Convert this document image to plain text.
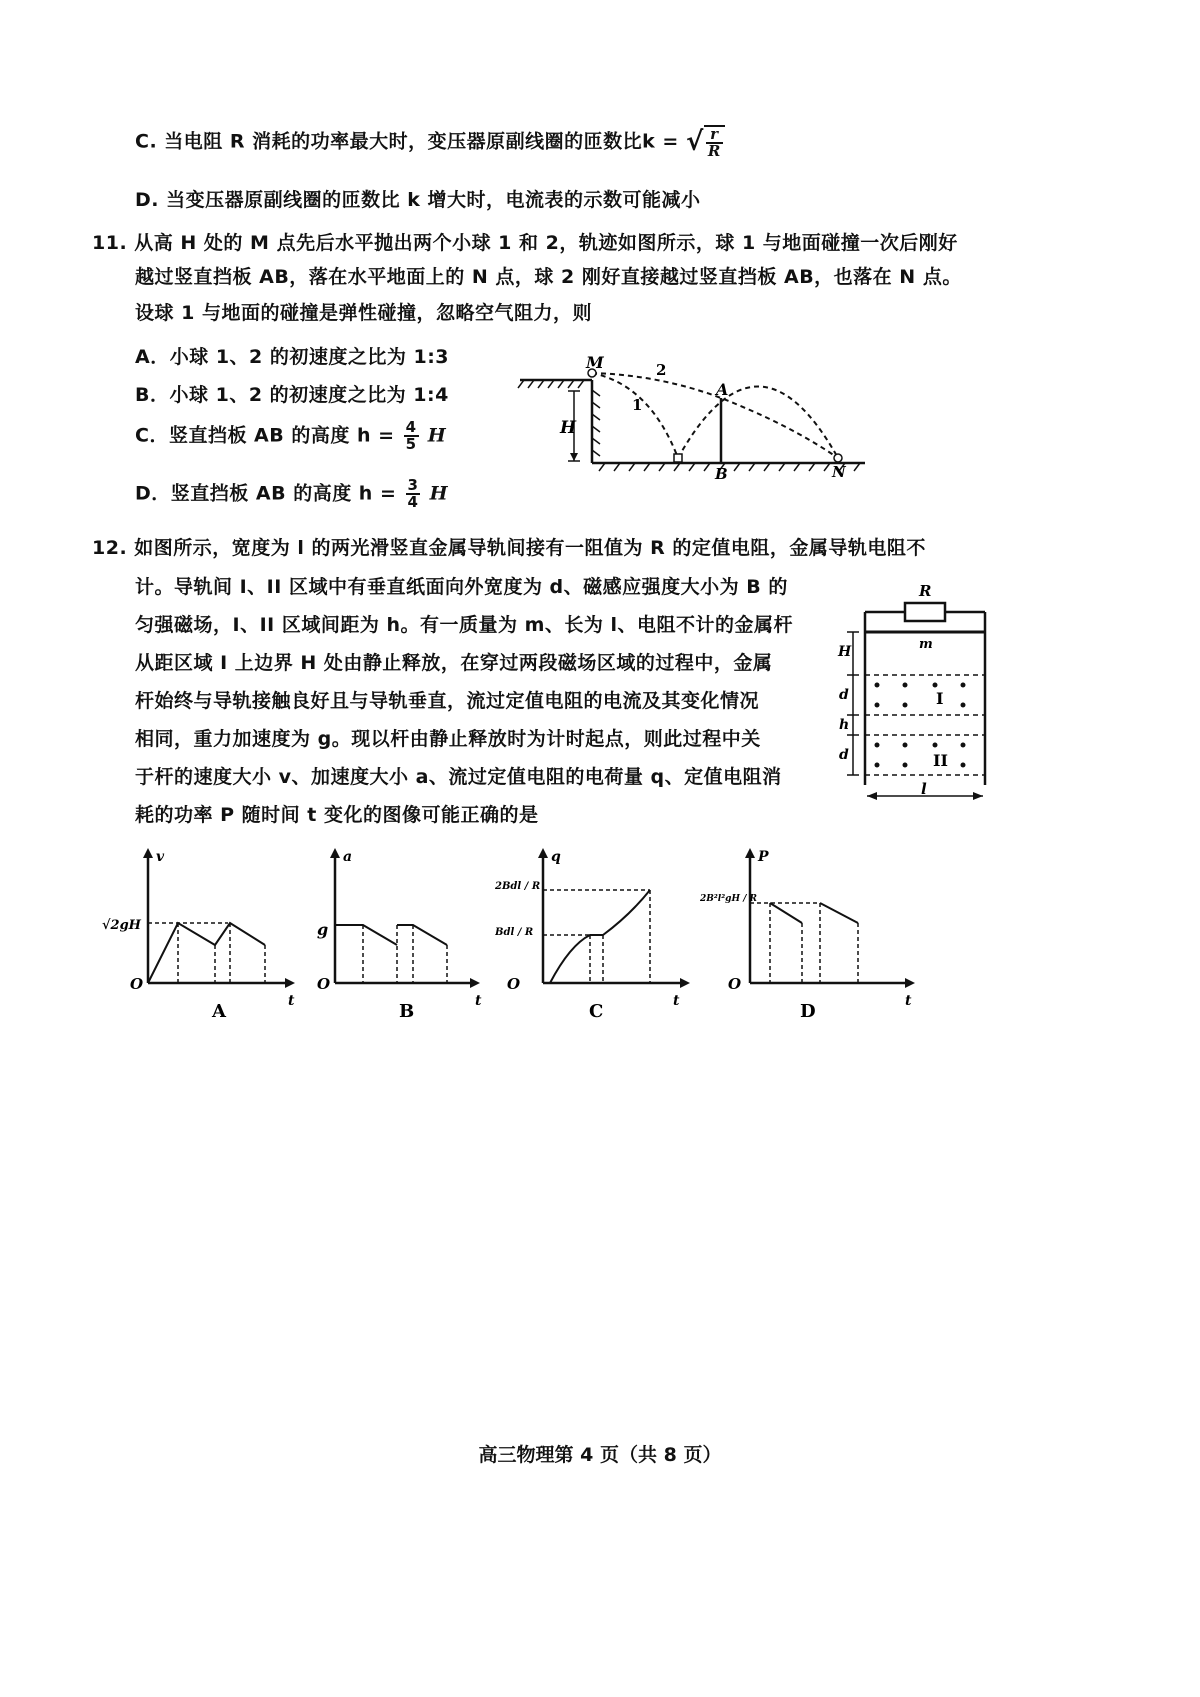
C. 当电阻 R 消耗的功率最大时，变压器原副线圈的匝数比k = √ $\frac{r}{R}$
D. 当变压器原副线圈的匝数比 k 增大时，电流表的示数可能减小
11. 从高 H 处的 M 点先后水平抛出两个小球 1 和 2，轨迹如图所示，球 1 与地面碰撞一次后刚好
越过竖直挡板 AB，落在水平地面上的 N 点，球 2 刚好直接越过竖直挡板 AB，也落在 N 点。
设球 1 与地面的碰撞是弹性碰撞，忽略空气阻力，则
A．小球 1、2 的初速度之比为 1:3
B．小球 1、2 的初速度之比为 1:4
C．竖直挡板 AB 的高度 $h = \frac{4}{5}$ H
D．竖直挡板 AB 的高度 $h = \frac{3}{4}$ H
H
M
A
B	N
2
1
12. 如图所示，宽度为 l 的两光滑竖直金属导轨间接有一阻值为 R 的定值电阻，金属导轨电阻不
计。导轨间 I、II 区域中有垂直纸面向外宽度为 d、磁感应强度大小为 B 的
匀强磁场，I、II 区域间距为 h。有一质量为 m、长为 l、电阻不计的金属杆
从距区域 I 上边界 H 处由静止释放，在穿过两段磁场区域的过程中，金属
杆始终与导轨接触良好且与导轨垂直，流过定值电阻的电流及其变化情况
相同，重力加速度为 g。现以杆由静止释放时为计时起点，则此过程中关
于杆的速度大小 v、加速度大小 a、流过定值电阻的电荷量 q、定值电阻消
耗的功率 P 随时间 t 变化的图像可能正确的是
R
m
I
II
H
d
h
d
l
v
t
O
√2gH
A
a
t
O
g
B
q
t
O
2Bdl / R
Bdl / R
C
P
t
O
2B²l²gH / R
D
高三物理第 4 页（共 8 页）
